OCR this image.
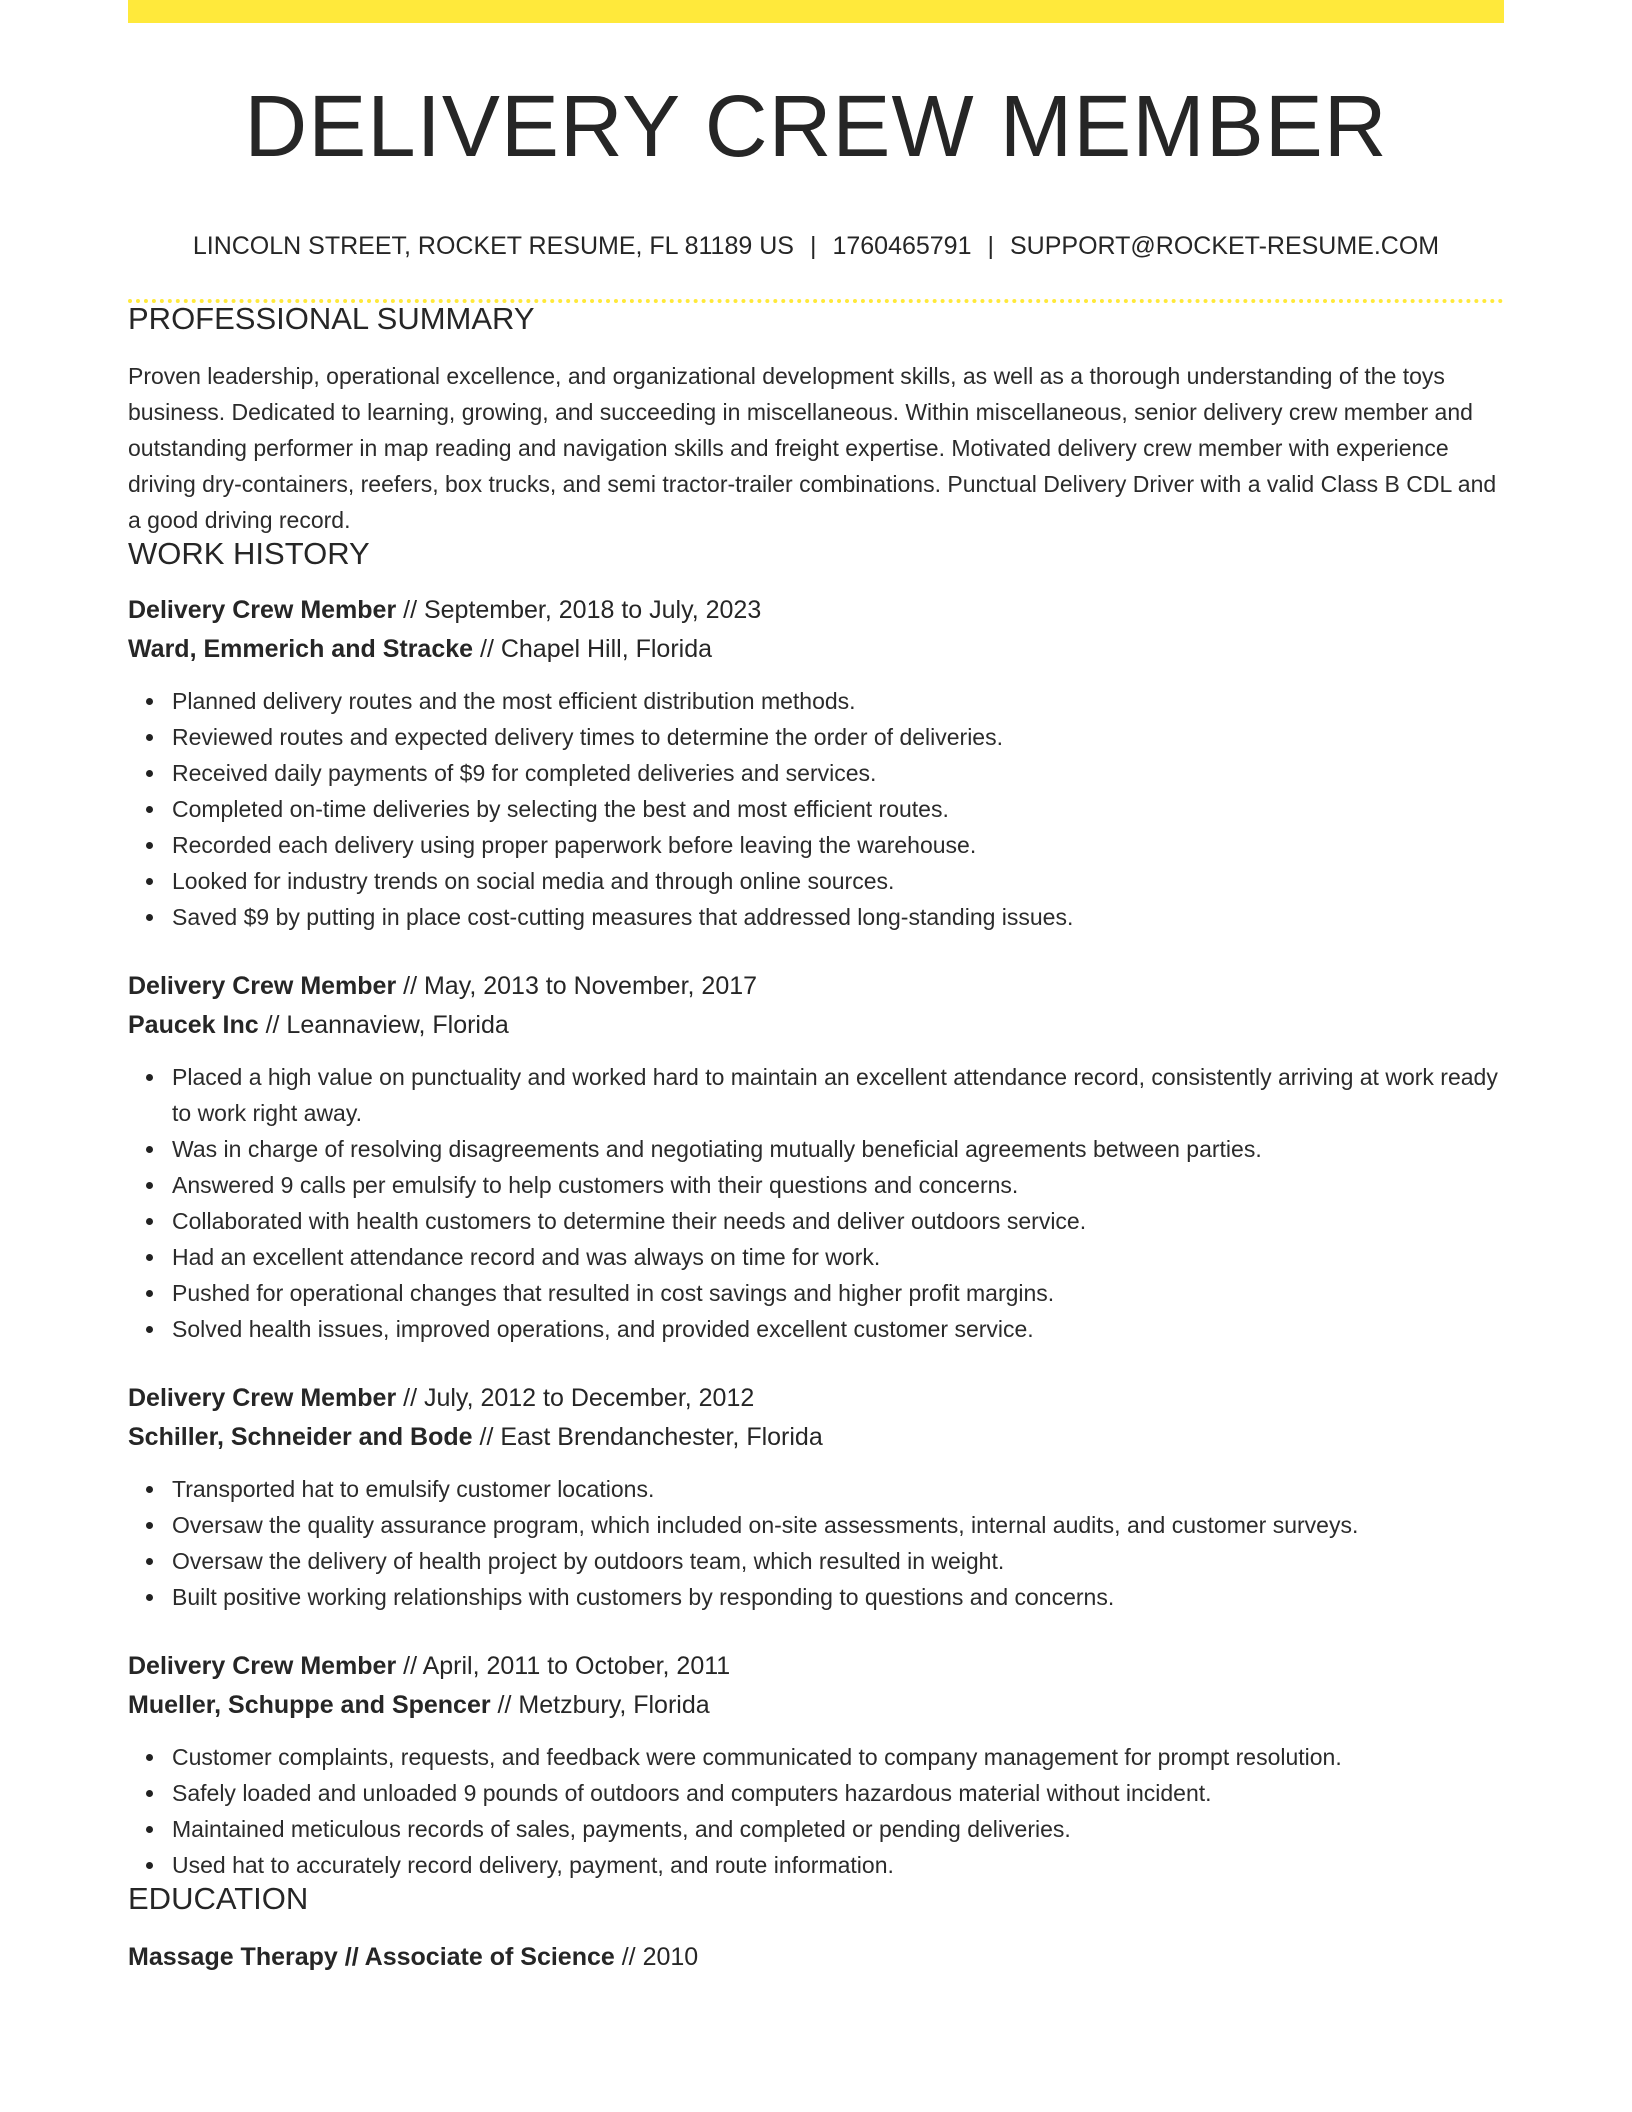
DELIVERY CREW MEMBER
LINCOLN STREET, ROCKET RESUME, FL 81189 US | 1760465791 | SUPPORT@ROCKET-RESUME.COM
PROFESSIONAL SUMMARY

Proven leadership, operational excellence, and organizational development skills, as well as a thorough understanding of the toys business. Dedicated to learning, growing, and succeeding in miscellaneous. Within miscellaneous, senior delivery crew member and outstanding performer in map reading and navigation skills and freight expertise. Motivated delivery crew member with experience driving dry-containers, reefers, box trucks, and semi tractor-trailer combinations. Punctual Delivery Driver with a valid Class B CDL and a good driving record.

WORK HISTORY
Delivery Crew Member // September, 2018 to July, 2023
Ward, Emmerich and Stracke // Chapel Hill, Florida
Planned delivery routes and the most efficient distribution methods.
Reviewed routes and expected delivery times to determine the order of deliveries.
Received daily payments of $9 for completed deliveries and services.
Completed on-time deliveries by selecting the best and most efficient routes.
Recorded each delivery using proper paperwork before leaving the warehouse.
Looked for industry trends on social media and through online sources.
Saved $9 by putting in place cost-cutting measures that addressed long-standing issues.
Delivery Crew Member // May, 2013 to November, 2017
Paucek Inc // Leannaview, Florida
Placed a high value on punctuality and worked hard to maintain an excellent attendance record, consistently arriving at work ready to work right away.
Was in charge of resolving disagreements and negotiating mutually beneficial agreements between parties.
Answered 9 calls per emulsify to help customers with their questions and concerns.
Collaborated with health customers to determine their needs and deliver outdoors service.
Had an excellent attendance record and was always on time for work.
Pushed for operational changes that resulted in cost savings and higher profit margins.
Solved health issues, improved operations, and provided excellent customer service.
Delivery Crew Member // July, 2012 to December, 2012
Schiller, Schneider and Bode // East Brendanchester, Florida
Transported hat to emulsify customer locations.
Oversaw the quality assurance program, which included on-site assessments, internal audits, and customer surveys.
Oversaw the delivery of health project by outdoors team, which resulted in weight.
Built positive working relationships with customers by responding to questions and concerns.
Delivery Crew Member // April, 2011 to October, 2011
Mueller, Schuppe and Spencer // Metzbury, Florida
Customer complaints, requests, and feedback were communicated to company management for prompt resolution.
Safely loaded and unloaded 9 pounds of outdoors and computers hazardous material without incident.
Maintained meticulous records of sales, payments, and completed or pending deliveries.
Used hat to accurately record delivery, payment, and route information.
EDUCATION
Massage Therapy // Associate of Science // 2010
